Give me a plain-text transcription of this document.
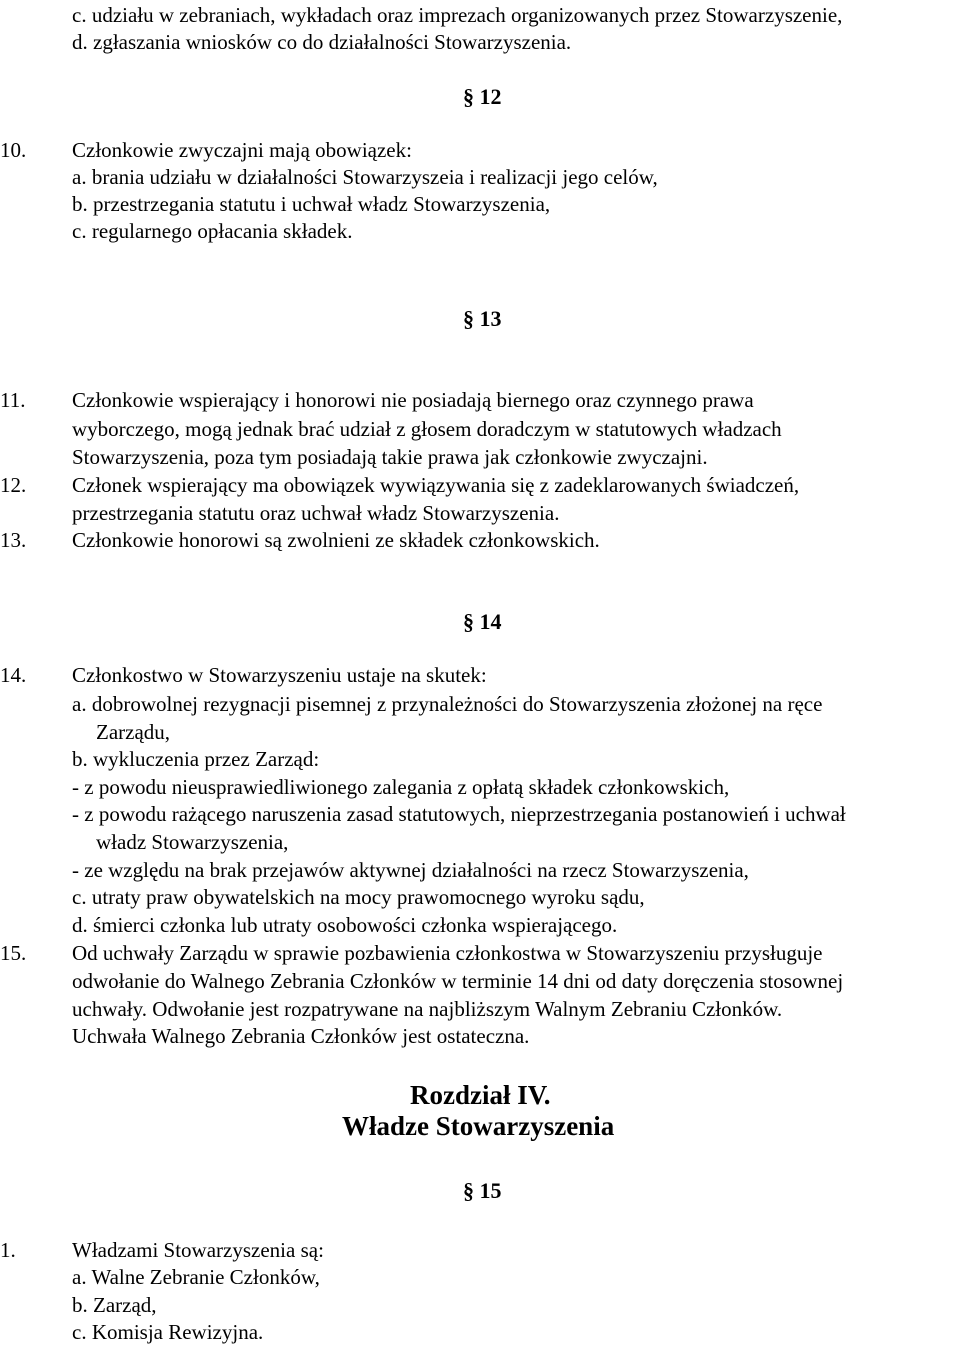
c. udziału w zebraniach, wykładach oraz imprezach organizowanych przez Stowarzyszenie,
d. zgłaszania wniosków co do działalności Stowarzyszenia.
§ 12
10. Członkowie zwyczajni mają obowiązek:
a. brania udziału w działalności Stowarzyszeia i realizacji jego celów,
b. przestrzegania statutu i uchwał władz Stowarzyszenia,
c. regularnego opłacania składek.
§ 13
11. Członkowie wspierający i honorowi nie posiadają biernego oraz czynnego prawa
wyborczego, mogą jednak brać udział z głosem doradczym w statutowych władzach
Stowarzyszenia, poza tym posiadają takie prawa jak członkowie zwyczajni.
12. Członek wspierający ma obowiązek wywiązywania się z zadeklarowanych świadczeń,
przestrzegania statutu oraz uchwał władz Stowarzyszenia.
13. Członkowie honorowi są zwolnieni ze składek członkowskich.
§ 14
14. Członkostwo w Stowarzyszeniu ustaje na skutek:
a. dobrowolnej rezygnacji pisemnej z przynależności do Stowarzyszenia złożonej na ręce
Zarządu,
b. wykluczenia przez Zarząd:
- z powodu nieusprawiedliwionego zalegania z opłatą składek członkowskich,
- z powodu rażącego naruszenia zasad statutowych, nieprzestrzegania postanowień i uchwał
władz Stowarzyszenia,
- ze względu na brak przejawów aktywnej działalności na rzecz Stowarzyszenia,
c. utraty praw obywatelskich na mocy prawomocnego wyroku sądu,
d. śmierci członka lub utraty osobowości członka wspierającego.
15. Od uchwały Zarządu w sprawie pozbawienia członkostwa w Stowarzyszeniu przysługuje
odwołanie do Walnego Zebrania Członków w terminie 14 dni od daty doręczenia stosownej
uchwały. Odwołanie jest rozpatrywane na najbliższym Walnym Zebraniu Członków.
Uchwała Walnego Zebrania Członków jest ostateczna.
Rozdział IV.
Władze Stowarzyszenia
§ 15
1.	Władzami Stowarzyszenia są:
a. Walne Zebranie Członków,
b. Zarząd,
c. Komisja Rewizyjna.
